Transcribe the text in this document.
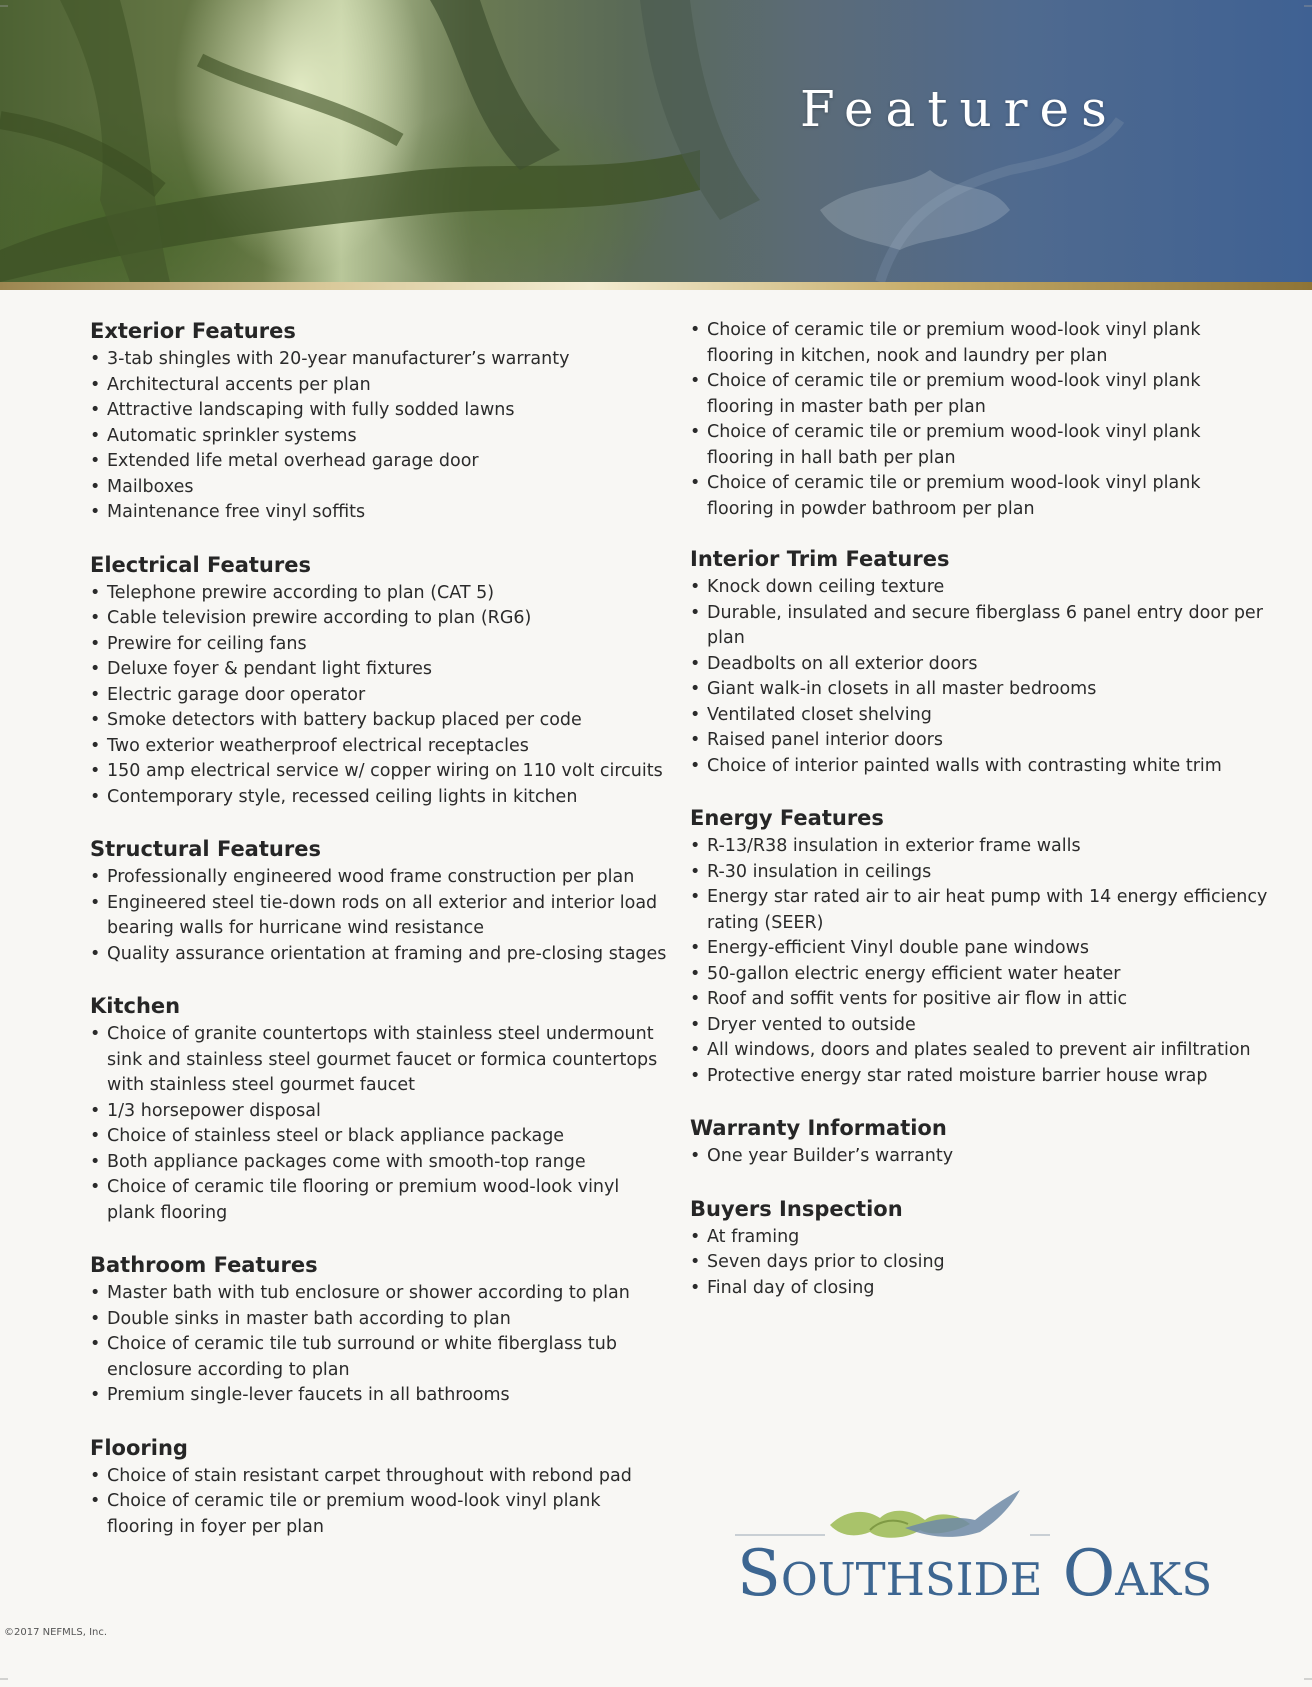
Features
Exterior Features
• 3-tab shingles with 20-year manufacturer’s warranty
• Architectural accents per plan
• Attractive landscaping with fully sodded lawns
• Automatic sprinkler systems
• Extended life metal overhead garage door
• Mailboxes
• Maintenance free vinyl soffits
Electrical Features
• Telephone prewire according to plan (CAT 5)
• Cable television prewire according to plan (RG6)
• Prewire for ceiling fans
• Deluxe foyer & pendant light fixtures
• Electric garage door operator
• Smoke detectors with battery backup placed per code
• Two exterior weatherproof electrical receptacles
• 150 amp electrical service w/ copper wiring on 110 volt circuits
• Contemporary style, recessed ceiling lights in kitchen
Structural Features
• Professionally engineered wood frame construction per plan
• Engineered steel tie-down rods on all exterior and interior load bearing walls for hurricane wind resistance
• Quality assurance orientation at framing and pre-closing stages
Kitchen
• Choice of granite countertops with stainless steel undermount sink and stainless steel gourmet faucet or formica countertops with stainless steel gourmet faucet
• 1/3 horsepower disposal
• Choice of stainless steel or black appliance package
• Both appliance packages come with smooth-top range
• Choice of ceramic tile flooring or premium wood-look vinyl plank flooring
Bathroom Features
• Master bath with tub enclosure or shower according to plan
• Double sinks in master bath according to plan
• Choice of ceramic tile tub surround or white fiberglass tub enclosure according to plan
• Premium single-lever faucets in all bathrooms
Flooring
• Choice of stain resistant carpet throughout with rebond pad
• Choice of ceramic tile or premium wood-look vinyl plank flooring in foyer per plan
• Choice of ceramic tile or premium wood-look vinyl plank flooring in kitchen, nook and laundry per plan
• Choice of ceramic tile or premium wood-look vinyl plank flooring in master bath per plan
• Choice of ceramic tile or premium wood-look vinyl plank flooring in hall bath per plan
• Choice of ceramic tile or premium wood-look vinyl plank flooring in powder bathroom per plan
Interior Trim Features
• Knock down ceiling texture
• Durable, insulated and secure fiberglass 6 panel entry door per plan
• Deadbolts on all exterior doors
• Giant walk-in closets in all master bedrooms
• Ventilated closet shelving
• Raised panel interior doors
• Choice of interior painted walls with contrasting white trim
Energy Features
• R-13/R38 insulation in exterior frame walls
• R-30 insulation in ceilings
• Energy star rated air to air heat pump with 14 energy efficiency rating (SEER)
• Energy-efficient Vinyl double pane windows
• 50-gallon electric energy efficient water heater
• Roof and soffit vents for positive air flow in attic
• Dryer vented to outside
• All windows, doors and plates sealed to prevent air infiltration
• Protective energy star rated moisture barrier house wrap
Warranty Information
• One year Builder’s warranty
Buyers Inspection
• At framing
• Seven days prior to closing
• Final day of closing

Southside Oaks

©2017 NEFMLS, Inc.
